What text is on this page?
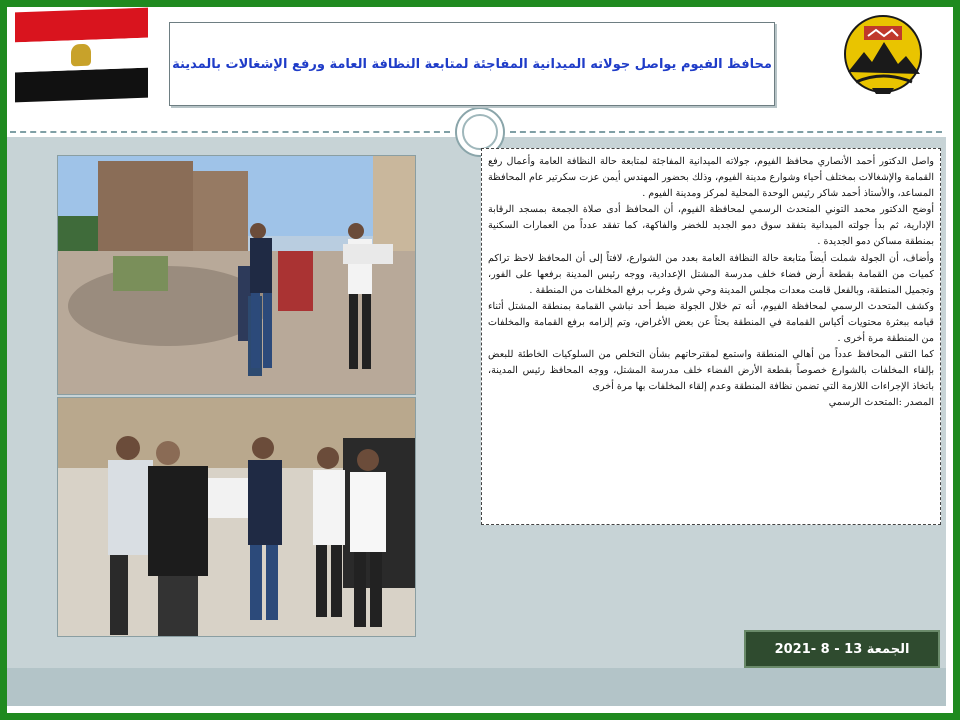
محافظ الفيوم يواصل جولاته الميدانية المفاجئة لمتابعة النظافة العامة ورفع الإشغالات بالمدينة

واصل الدكتور أحمد الأنصاري محافظ الفيوم، جولاته الميدانية المفاجئة لمتابعة حالة النظافة العامة وأعمال رفع القمامة والإشغالات بمختلف أحياء وشوارع مدينة الفيوم، وذلك بحضور المهندس أيمن عزت سكرتير عام المحافظة المساعد، والأستاذ أحمد شاكر رئيس الوحدة المحلية لمركز ومدينة الفيوم .

أوضح الدكتور محمد التوني المتحدث الرسمي لمحافظة الفيوم، أن المحافظ أدى صلاة الجمعة بمسجد الرقابة الإدارية، ثم بدأ جولته الميدانية بتفقد سوق دمو الجديد للخضر والفاكهة، كما تفقد عدداً من العمارات السكنية بمنطقة مساكن دمو الجديدة .

وأضاف، أن الجولة شملت أيضاً متابعة حالة النظافة العامة بعدد من الشوارع، لافتاً إلى أن المحافظ لاحظ تراكم كميات من القمامة بقطعة أرض فضاء خلف مدرسة المشتل الإعدادية، ووجه رئيس المدينة برفعها على الفور، وتجميل المنطقة، وبالفعل قامت معدات مجلس المدينة وحي شرق وغرب برفع المخلفات من المنطقة .

وكشف المتحدث الرسمي لمحافظة الفيوم، أنه تم خلال الجولة ضبط أحد نباشي القمامة بمنطقة المشتل أثناء قيامه ببعثرة محتويات أكياس القمامة في المنطقة بحثاً عن بعض الأغراض، وتم إلزامه برفع القمامة والمخلفات من المنطقة مرة أخرى .

كما التقى المحافظ عدداً من أهالي المنطقة واستمع لمقترحاتهم بشأن التخلص من السلوكيات الخاطئة للبعض بإلقاء المخلفات بالشوارع خصوصاً بقطعة الأرض الفضاء خلف مدرسة المشتل، ووجه المحافظ رئيس المدينة، باتخاذ الإجراءات اللازمة التي تضمن نظافة المنطقة وعدم إلقاء المخلفات بها مرة أخرى

المصدر :المتحدث الرسمي

الجمعة 13 - 8 -2021
